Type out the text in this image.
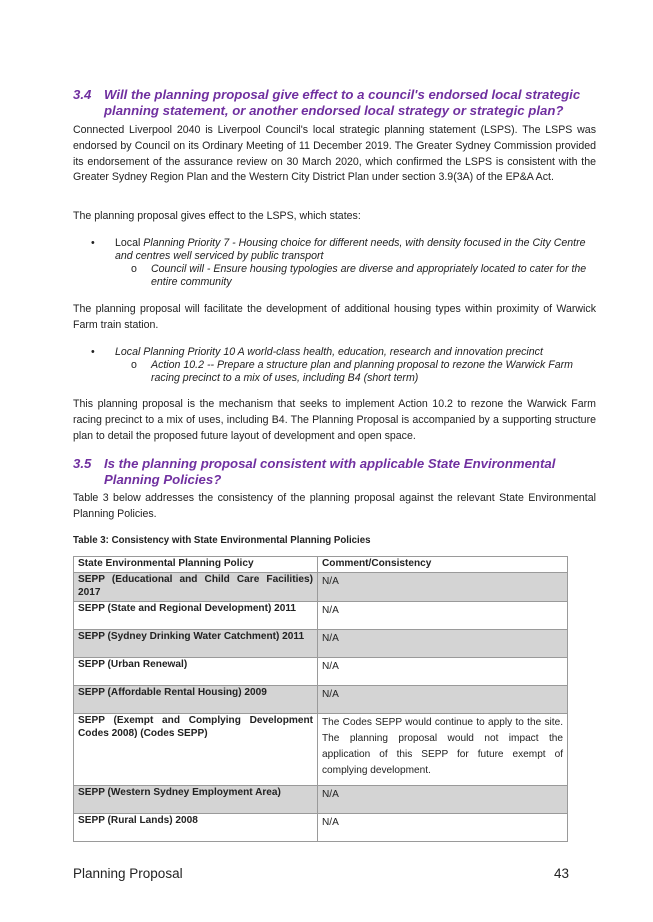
3.4 Will the planning proposal give effect to a council's endorsed local strategic planning statement, or another endorsed local strategy or strategic plan?

Connected Liverpool 2040 is Liverpool Council's local strategic planning statement (LSPS). The LSPS was endorsed by Council on its Ordinary Meeting of 11 December 2019. The Greater Sydney Commission provided its endorsement of the assurance review on 30 March 2020, which confirmed the LSPS is consistent with the Greater Sydney Region Plan and the Western City District Plan under section 3.9(3A) of the EP&A Act.

The planning proposal gives effect to the LSPS, which states:

• Local Planning Priority 7 - Housing choice for different needs, with density focused in the City Centre and centres well serviced by public transport
o Council will - Ensure housing typologies are diverse and appropriately located to cater for the entire community

The planning proposal will facilitate the development of additional housing types within proximity of Warwick Farm train station.

• Local Planning Priority 10 A world-class health, education, research and innovation precinct
o Action 10.2 -- Prepare a structure plan and planning proposal to rezone the Warwick Farm racing precinct to a mix of uses, including B4 (short term)

This planning proposal is the mechanism that seeks to implement Action 10.2 to rezone the Warwick Farm racing precinct to a mix of uses, including B4. The Planning Proposal is accompanied by a supporting structure plan to detail the proposed future layout of development and open space.

3.5 Is the planning proposal consistent with applicable State Environmental Planning Policies?

Table 3 below addresses the consistency of the planning proposal against the relevant State Environmental Planning Policies.

Table 3: Consistency with State Environmental Planning Policies
State Environmental Planning Policy	Comment/Consistency
SEPP (Educational and Child Care Facilities) 2017	N/A
SEPP (State and Regional Development) 2011	N/A
SEPP (Sydney Drinking Water Catchment) 2011	N/A
SEPP (Urban Renewal)	N/A
SEPP (Affordable Rental Housing) 2009	N/A
SEPP (Exempt and Complying Development Codes 2008) (Codes SEPP)	The Codes SEPP would continue to apply to the site. The planning proposal would not impact the application of this SEPP for future exempt of complying development.
SEPP (Western Sydney Employment Area)	N/A
SEPP (Rural Lands) 2008	N/A
Planning Proposal	43
